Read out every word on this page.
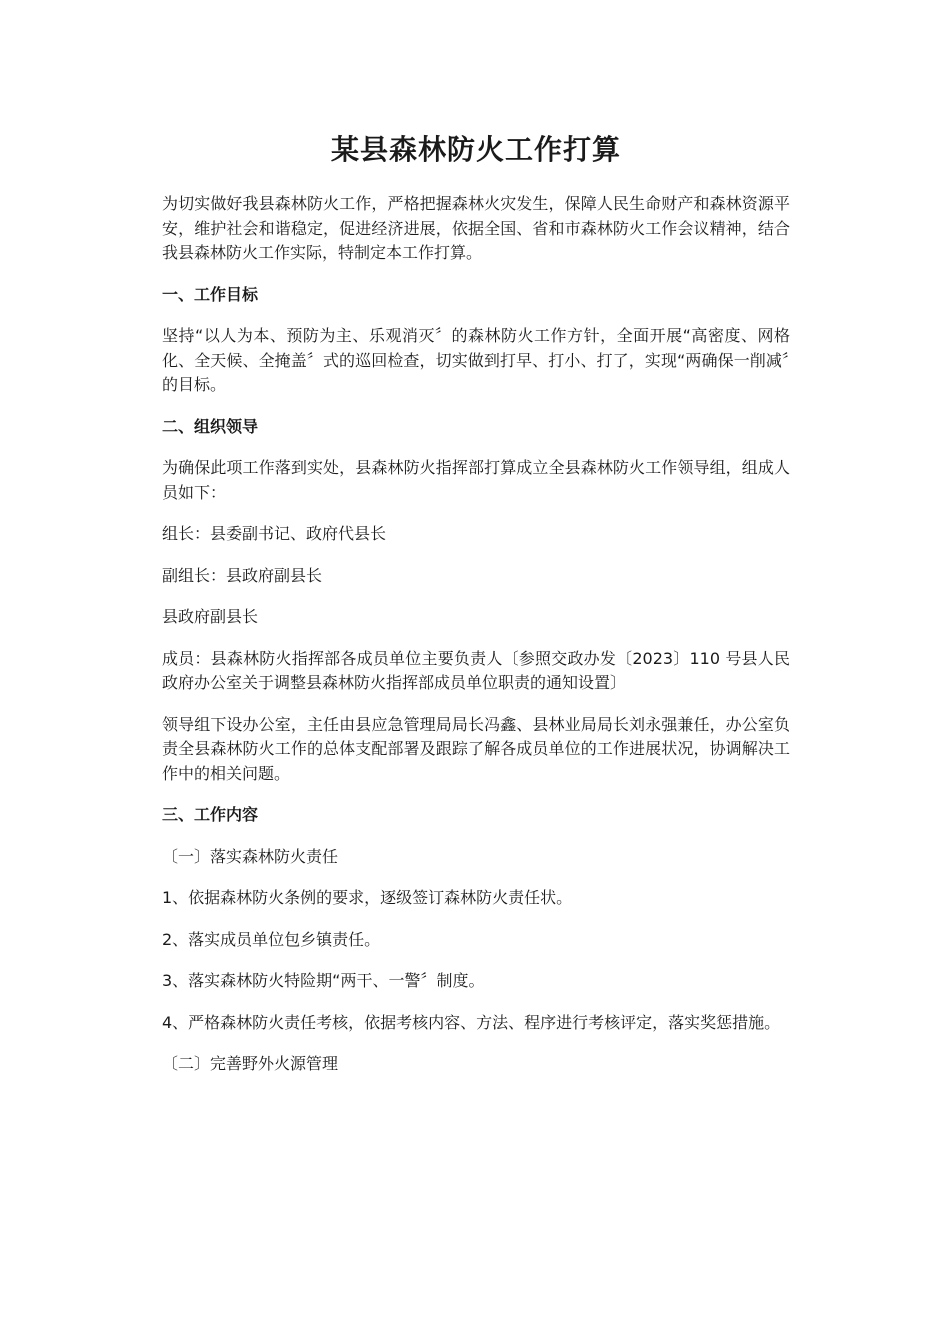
某县森林防火工作打算

为切实做好我县森林防火工作，严格把握森林火灾发生，保障人民生命财产和森林资源平安，维护社会和谐稳定，促进经济进展，依据全国、省和市森林防火工作会议精神，结合我县森林防火工作实际，特制定本工作打算。

一、工作目标

坚持“以人为本、预防为主、乐观消灭〞的森林防火工作方针，全面开展“高密度、网格化、全天候、全掩盖〞式的巡回检查，切实做到打早、打小、打了，实现“两确保一削减〞的目标。

二、组织领导

为确保此项工作落到实处，县森林防火指挥部打算成立全县森林防火工作领导组，组成人员如下：

组长：县委副书记、政府代县长

副组长：县政府副县长

县政府副县长

成员：县森林防火指挥部各成员单位主要负责人〔参照交政办发〔2023〕110 号县人民政府办公室关于调整县森林防火指挥部成员单位职责的通知设置〕

领导组下设办公室，主任由县应急管理局局长冯鑫、县林业局局长刘永强兼任，办公室负责全县森林防火工作的总体支配部署及跟踪了解各成员单位的工作进展状况，协调解决工作中的相关问题。

三、工作内容

〔一〕落实森林防火责任

1、依据森林防火条例的要求，逐级签订森林防火责任状。

2、落实成员单位包乡镇责任。

3、落实森林防火特险期“两干、一警〞制度。

4、严格森林防火责任考核，依据考核内容、方法、程序进行考核评定，落实奖惩措施。

〔二〕完善野外火源管理
